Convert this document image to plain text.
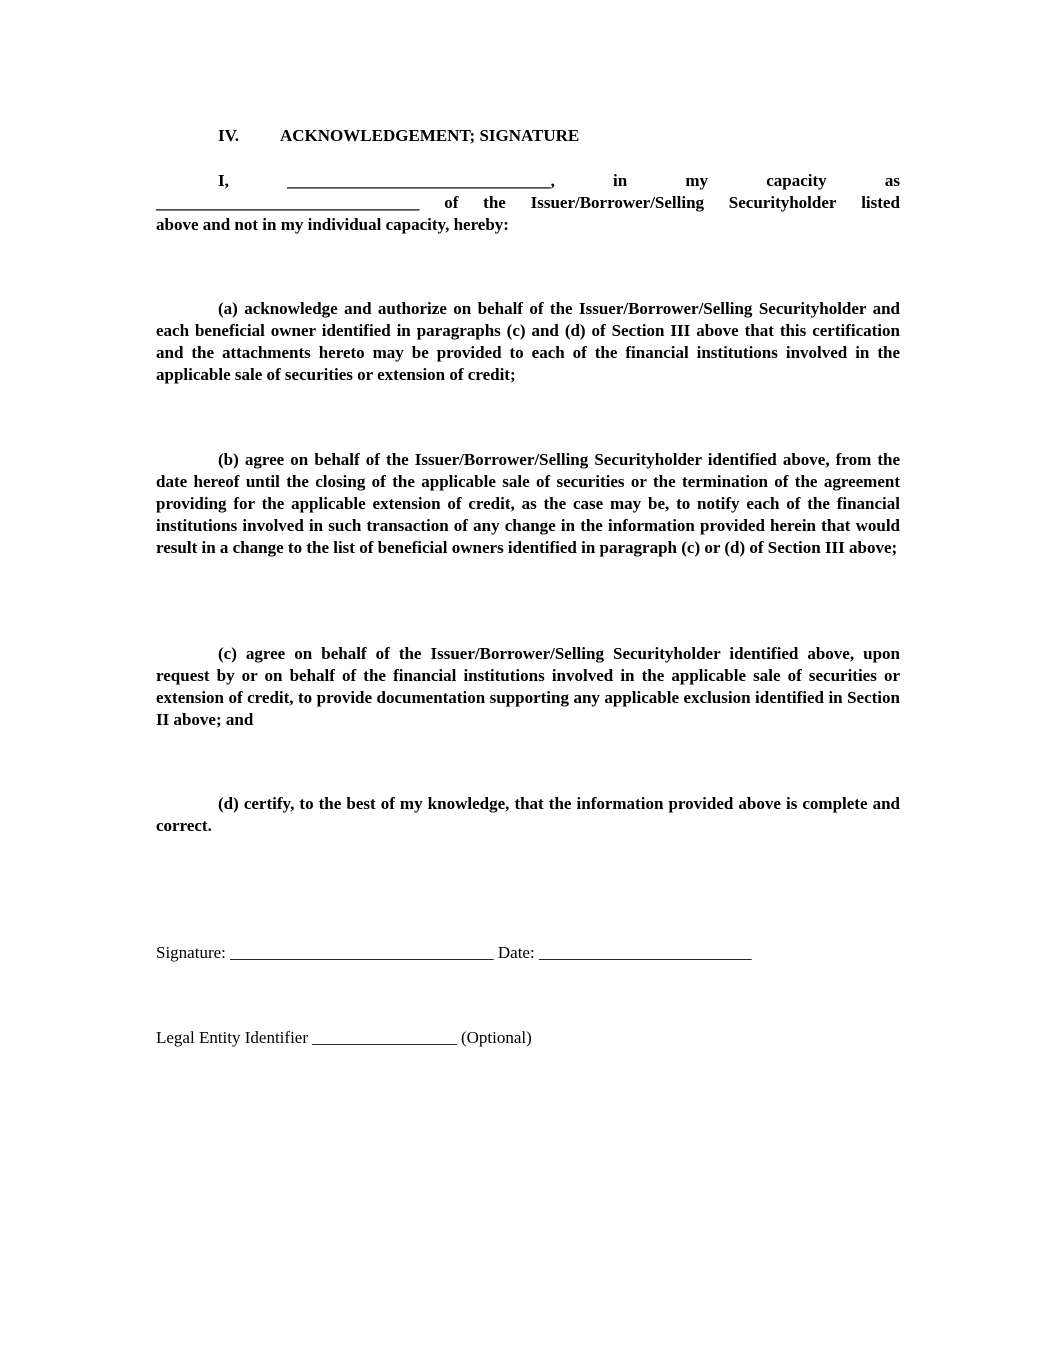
IV. ACKNOWLEDGEMENT; SIGNATURE
I,	_______________________________,	in	my	capacity	as
_______________________________ of the Issuer/Borrower/Selling Securityholder listed
above and not in my individual capacity, hereby:
(a) acknowledge and authorize on behalf of the Issuer/Borrower/Selling Securityholder and each beneficial owner identified in paragraphs (c) and (d) of Section III above that this certification and the attachments hereto may be provided to each of the financial institutions involved in the applicable sale of securities or extension of credit;
(b) agree on behalf of the Issuer/Borrower/Selling Securityholder identified above, from the date hereof until the closing of the applicable sale of securities or the termination of the agreement providing for the applicable extension of credit, as the case may be, to notify each of the financial institutions involved in such transaction of any change in the information provided herein that would result in a change to the list of beneficial owners identified in paragraph (c) or (d) of Section III above;
(c) agree on behalf of the Issuer/Borrower/Selling Securityholder identified above, upon request by or on behalf of the financial institutions involved in the applicable sale of securities or extension of credit, to provide documentation supporting any applicable exclusion identified in Section II above; and
(d) certify, to the best of my knowledge, that the information provided above is complete and correct.
Signature: _______________________________ Date: _________________________
Legal Entity Identifier _________________ (Optional)
